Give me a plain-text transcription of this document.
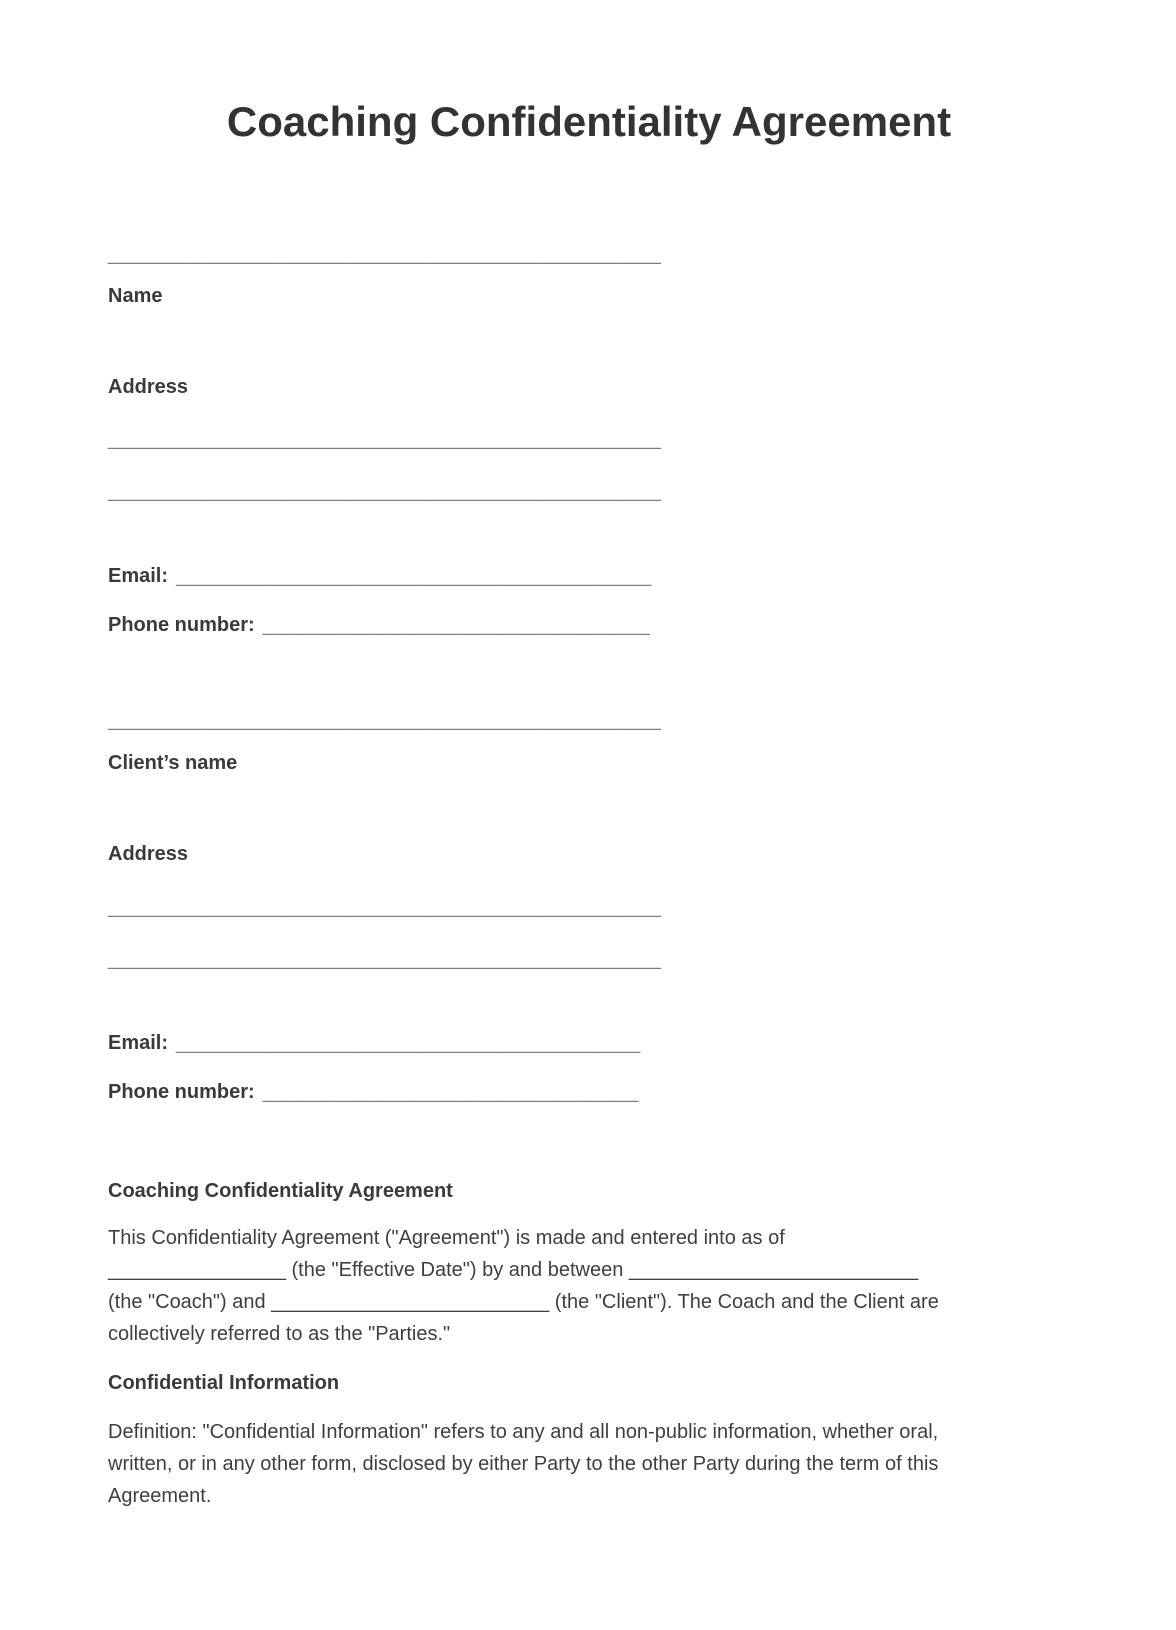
Coaching Confidentiality Agreement
__________________________________________________
Name
Address
__________________________________________________
__________________________________________________
Email: ___________________________________________
Phone number: ___________________________________
__________________________________________________
Client’s name
Address
__________________________________________________
__________________________________________________
Email: __________________________________________
Phone number: __________________________________
Coaching Confidentiality Agreement
This Confidentiality Agreement ("Agreement") is made and entered into as of
________________ (the "Effective Date") by and between __________________________
(the "Coach") and _________________________ (the "Client"). The Coach and the Client are
collectively referred to as the "Parties."
Confidential Information
Definition: "Confidential Information" refers to any and all non-public information, whether oral,
written, or in any other form, disclosed by either Party to the other Party during the term of this
Agreement.
